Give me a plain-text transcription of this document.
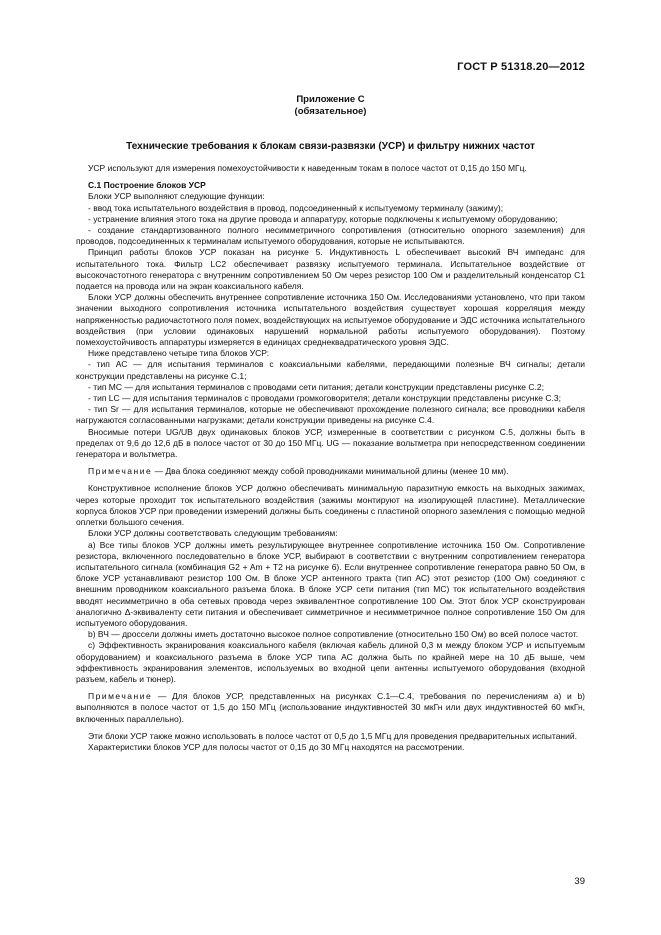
ГОСТ Р 51318.20—2012
Приложение С
(обязательное)
Технические требования к блокам связи-развязки (УСР) и фильтру нижних частот

УСР используют для измерения помехоустойчивости к наведенным токам в полосе частот от 0,15 до 150 МГц.

С.1 Построение блоков УСР

Блоки УСР выполняют следующие функции:

- ввод тока испытательного воздействия в провод, подсоединенный к испытуемому терминалу (зажиму);

- устранение влияния этого тока на другие провода и аппаратуру, которые подключены к испытуемому оборудованию;

- создание стандартизованного полного несимметричного сопротивления (относительно опорного заземления) для проводов, подсоединенных к терминалам испытуемого оборудования, которые не испытываются.

Принцип работы блоков УСР показан на рисунке 5. Индуктивность L обеспечивает высокий ВЧ импеданс для испытательного тока. Фильтр LC2 обеспечивает развязку испытуемого терминала. Испытательное воздействие от высокочастотного генератора с внутренним сопротивлением 50 Ом через резистор 100 Ом и разделительный конденсатор С1 подается на провода или на экран коаксиального кабеля.

Блоки УСР должны обеспечить внутреннее сопротивление источника 150 Ом. Исследованиями установлено, что при таком значении выходного сопротивления источника испытательного воздействия существует хорошая корреляция между напряженностью радиочастотного поля помех, воздействующих на испытуемое оборудование и ЭДС источника испытательного воздействия (при условии одинаковых нарушений нормальной работы испытуемого оборудования). Поэтому помехоустойчивость аппаратуры измеряется в единицах среднеквадратического уровня ЭДС.

Ниже представлено четыре типа блоков УСР:

- тип АС — для испытания терминалов с коаксиальными кабелями, передающими полезные ВЧ сигналы; детали конструкции представлены на рисунке С.1;

- тип МС — для испытания терминалов с проводами сети питания; детали конструкции представлены рисунке С.2;

- тип LC — для испытания терминалов с проводами громкоговорителя; детали конструкции представлены рисунке С.3;

- тип Sr — для испытания терминалов, которые не обеспечивают прохождение полезного сигнала; все проводники кабеля нагружаются согласованными нагрузками; детали конструкции приведены на рисунке С.4.

Вносимые потери UG/UB двух одинаковых блоков УСР, измеренные в соответствии с рисунком С.5, должны быть в пределах от 9,6 до 12,6 дБ в полосе частот от 30 до 150 МГц. UG — показание вольтметра при непосредственном соединении генератора и вольтметра.

Примечание — Два блока соединяют между собой проводниками минимальной длины (менее 10 мм).

Конструктивное исполнение блоков УСР должно обеспечивать минимальную паразитную емкость на выходных зажимах, через которые проходит ток испытательного воздействия (зажимы монтируют на изолирующей пластине). Металлические корпуса блоков УСР при проведении измерений должны быть соединены с пластиной опорного заземления с помощью медной оплетки большого сечения.

Блоки УСР должны соответствовать следующим требованиям:

а) Все типы блоков УСР должны иметь результирующее внутреннее сопротивление источника 150 Ом. Сопротивление резистора, включенного последовательно в блоке УСР, выбирают в соответствии с внутренним сопротивлением генератора испытательного сигнала (комбинация G2 + Am + T2 на рисунке 6). Если внутреннее сопротивление генератора равно 50 Ом, в блоке УСР устанавливают резистор 100 Ом. В блоке УСР антенного тракта (тип АС) этот резистор (100 Ом) соединяют с внешним проводником коаксиального разъема блока. В блоке УСР сети питания (тип МС) ток испытательного воздействия вводят несимметрично в оба сетевых провода через эквивалентное сопротивление 100 Ом. Этот блок УСР сконструирован аналогично Δ-эквиваленту сети питания и обеспечивает симметричное и несимметричное полное сопротивление 150 Ом для испытуемого оборудования.

b) ВЧ — дроссели должны иметь достаточно высокое полное сопротивление (относительно 150 Ом) во всей полосе частот.

c) Эффективность экранирования коаксиального кабеля (включая кабель длиной 0,3 м между блоком УСР и испытуемым оборудованием) и коаксиального разъема в блоке УСР типа АС должна быть по крайней мере на 10 дБ выше, чем эффективность экранирования элементов, используемых во входной цепи антенны испытуемого оборудования (входной разъем, кабель и тюнер).

Примечание — Для блоков УСР, представленных на рисунках С.1—С.4, требования по перечислениям а) и b) выполняются в полосе частот от 1,5 до 150 МГц (использование индуктивностей 30 мкГн или двух индуктивностей 60 мкГн, включенных параллельно).

Эти блоки УСР также можно использовать в полосе частот от 0,5 до 1,5 МГц для проведения предварительных испытаний.

Характеристики блоков УСР для полосы частот от 0,15 до 30 МГц находятся на рассмотрении.

39
